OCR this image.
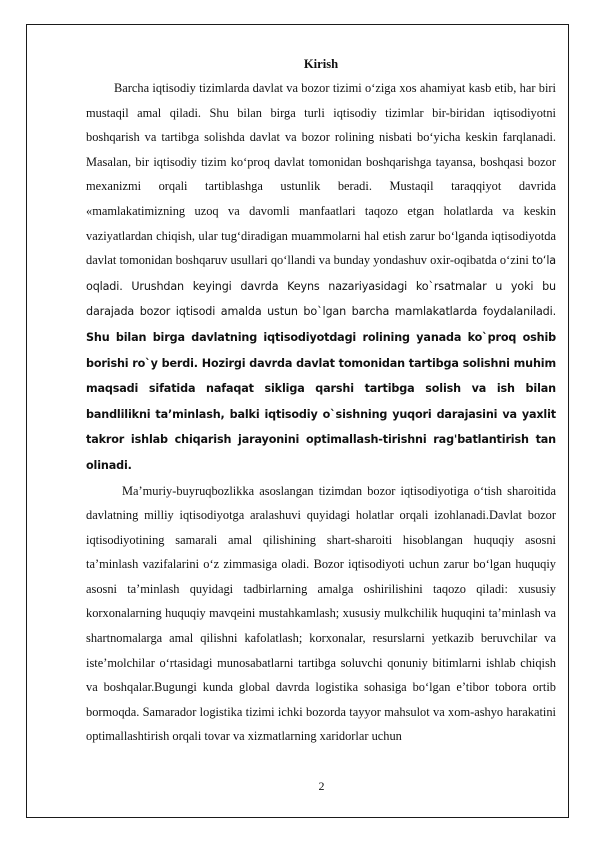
Kirish

Barcha iqtisodiy tizimlarda davlat va bozor tizimi o‘ziga xos ahamiyat kasb etib, har biri mustaqil amal qiladi. Shu bilan birga turli iqtisodiy tizimlar bir-biridan iqtisodiyotni boshqarish va tartibga solishda davlat va bozor rolining nisbati bo‘yicha keskin farqlanadi. Masalan, bir iqtisodiy tizim ko‘proq davlat tomonidan boshqarishga tayansa, boshqasi bozor mexanizmi orqali tartiblashga ustunlik beradi. Mustaqil taraqqiyot davrida «mamlakatimizning uzoq va davomli manfaatlari taqozo etgan holatlarda va keskin vaziyatlardan chiqish, ular tug‘diradigan muammolarni hal etish zarur bo‘lganda iqtisodiyotda davlat tomonidan boshqaruv usullari qo‘llandi va bunday yondashuv oxir-oqibatda o‘zini to‘la oqladi. Urushdan keyingi davrda Keyns nazariyasidagi ko`rsatmalar u yoki bu darajada bozor iqtisodi amalda ustun bo`lgan barcha mamlakatlarda foydalaniladi. Shu bilan birga davlatning iqtisodiyotdagi rolining yanada ko`proq oshib borishi ro`y berdi. Hozirgi davrda davlat tomonidan tartibga solishni muhim maqsadi sifatida nafaqat sikliga qarshi tartibga solish va ish bilan bandlilikni ta’minlash, balki iqtisodiy o`sishning yuqori darajasini va yaxlit takror ishlab chiqarish jarayonini optimallash-tirishni rag'batlantirish tan olinadi.

Ma’muriy-buyruqbozlikka asoslangan tizimdan bozor iqtisodiyotiga o‘tish sharoitida davlatning milliy iqtisodiyotga aralashuvi quyidagi holatlar orqali izohlanadi.Davlat bozor iqtisodiyotining samarali amal qilishining shart-sharoiti hisoblangan huquqiy asosni ta’minlash vazifalarini o‘z zimmasiga oladi. Bozor iqtisodiyoti uchun zarur bo‘lgan huquqiy asosni ta’minlash quyidagi tadbirlarning amalga oshirilishini taqozo qiladi: xususiy korxonalarning huquqiy mavqeini mustahkamlash; xususiy mulkchilik huquqini ta’minlash va shartnomalarga amal qilishni kafolatlash; korxonalar, resurslarni yetkazib beruvchilar va iste’molchilar o‘rtasidagi munosabatlarni tartibga soluvchi qonuniy bitimlarni ishlab chiqish va boshqalar.Bugungi kunda global davrda logistika sohasiga bo‘lgan e’tibor tobora ortib bormoqda. Samarador logistika tizimi ichki bozorda tayyor mahsulot va xom-ashyo harakatini optimallashtirish orqali tovar va xizmatlarning xaridorlar uchun

2
